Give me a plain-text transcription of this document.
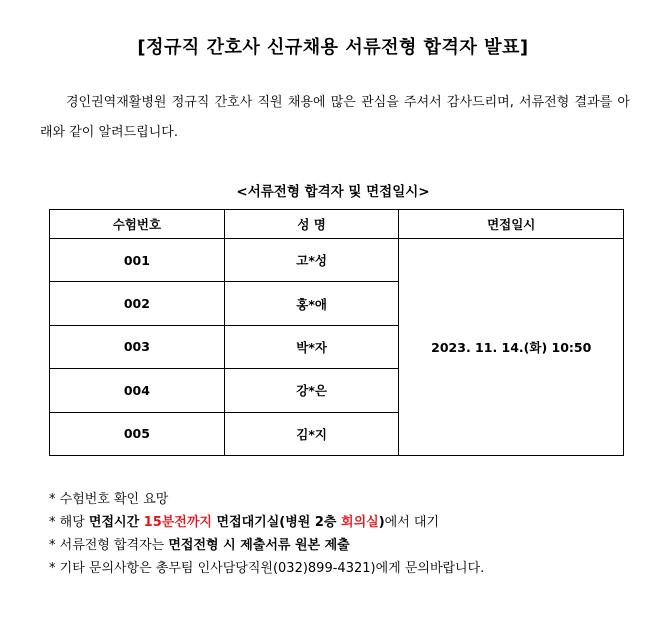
[정규직 간호사 신규채용 서류전형 합격자 발표]
경인권역재활병원 정규직 간호사 직원 채용에 많은 관심을 주셔서 감사드리며, 서류전형 결과를 아래와 같이 알려드립니다.
<서류전형 합격자 및 면접일시>
수험번호	성 명	면접일시
001	고*성	2023. 11. 14.(화) 10:50
002	홍*애	
003	박*자	
004	강*은	
005	김*지	
* 수험번호 확인 요망
* 해당 면접시간 15분전까지 면접대기실(병원 2층 회의실)에서 대기
* 서류전형 합격자는 면접전형 시 제출서류 원본 제출
* 기타 문의사항은 총무팀 인사담당직원(032)899-4321)에게 문의바랍니다.
